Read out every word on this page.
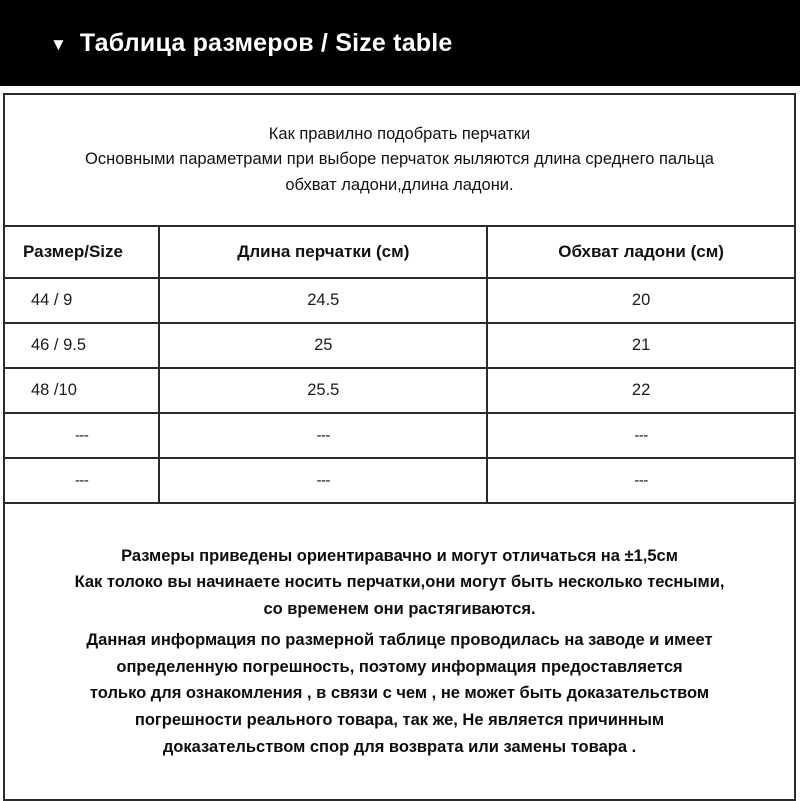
▼ Таблица размеров / Size table
Как правилно подобрать перчатки
Основными параметрами при выборе перчаток яыляются длина среднего пальца
обхват ладони,длина ладони.		

Размер/Size	Длина перчатки (см)	Обхват ладони (см)
44 / 9	24.5	20
46 / 9.5	25	21
48 /10	25.5	22
---	---	---
---	---	---

Размеры приведены ориентиравачно и могут отличаться на ±1,5см
Как толоко вы начинаете носить перчатки,они могут быть несколько тесными,
со временем они растягиваются.
Данная информация по размерной таблице проводилась на заводе и имеет
определенную погрешность, поэтому информация предоставляется
только для ознакомления , в связи с чем , не может быть доказательством
погрешности реального товара, так же, Не является причинным
доказательством спор для возврата или замены товара .
